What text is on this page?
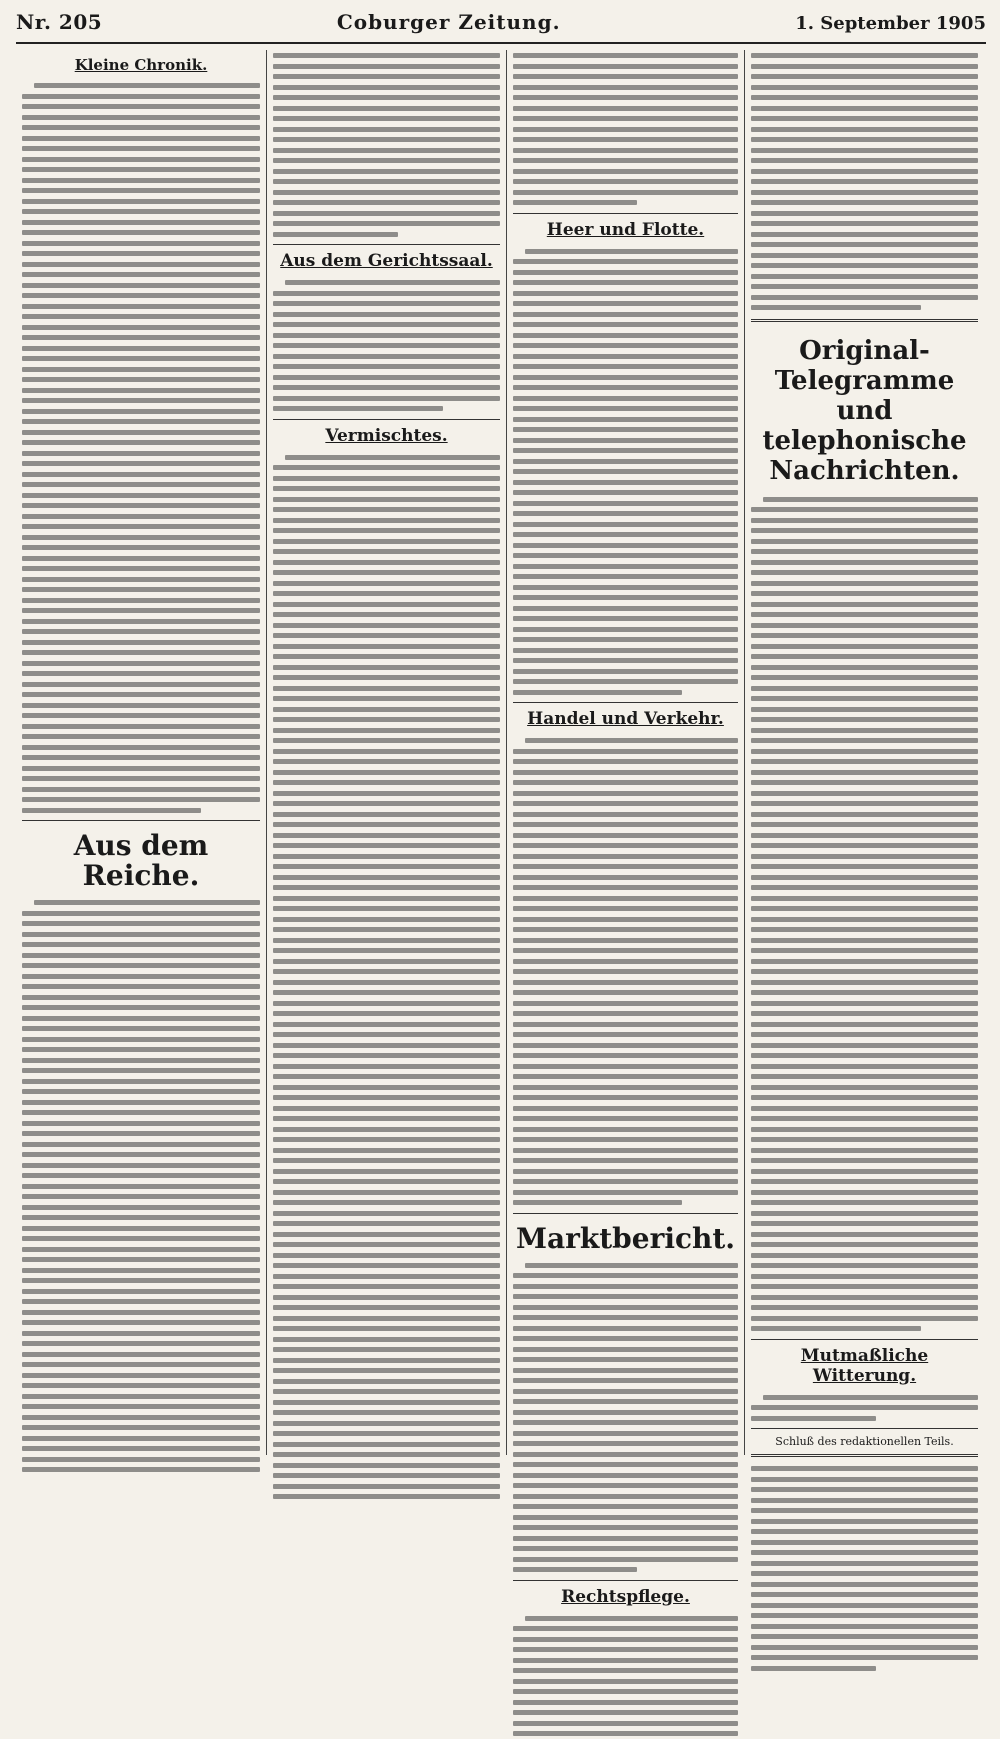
Nr. 205	Coburger Zeitung.	1. September 1905
Kleine Chronik.
Aus dem Reiche.
Aus dem Gerichtssaal.
Vermischtes.
Heer und Flotte.
Handel und Verkehr.
Marktbericht.
Rechtspflege.
Original-Telegramme und telephonische Nachrichten.
Mutmaßliche Witterung.
Schluß des redaktionellen Teils.
